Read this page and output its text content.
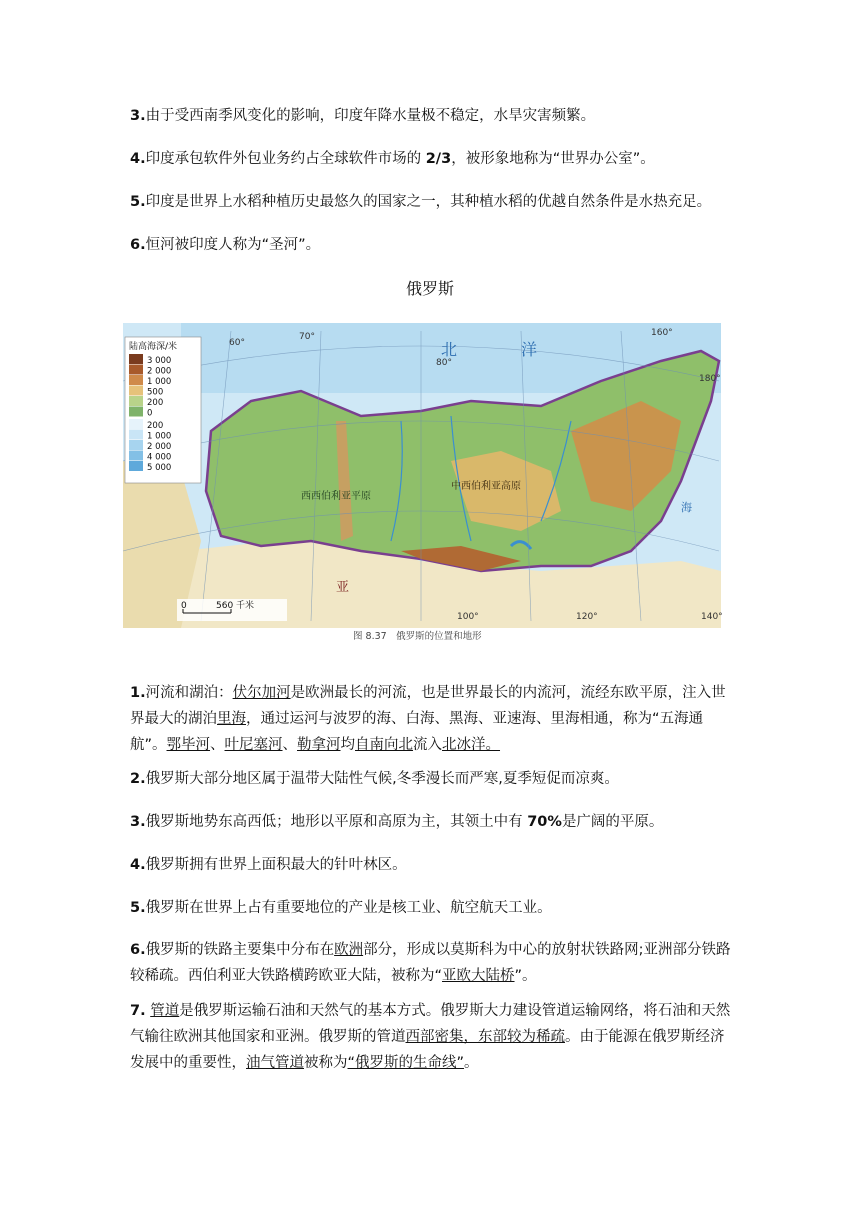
3.由于受西南季风变化的影响，印度年降水量极不稳定，水旱灾害频繁。

4.印度承包软件外包业务约占全球软件市场的 2/3，被形象地称为“世界办公室”。

5.印度是世界上水稻种植历史最悠久的国家之一，其种植水稻的优越自然条件是水热充足。

6.恒河被印度人称为“圣河”。

俄罗斯

60°
70°
80°
100°	120°	140°
160°
180°
北	洋
西西伯利亚平原
中西伯利亚高原
海
亚
陆高海深/米
3 000
2 000
1 000
500
200
0
200
1 000
2 000
4 000
5 000
0	560 千米
图 8.37　俄罗斯的位置和地形

1.河流和湖泊：伏尔加河是欧洲最长的河流，也是世界最长的内流河，流经东欧平原，注入世界最大的湖泊里海，通过运河与波罗的海、白海、黑海、亚速海、里海相通，称为“五海通航”。鄂毕河、叶尼塞河、勒拿河均自南向北流入北冰洋。

2.俄罗斯大部分地区属于温带大陆性气候,冬季漫长而严寒,夏季短促而凉爽。

3.俄罗斯地势东高西低；地形以平原和高原为主，其领土中有 70%是广阔的平原。

4.俄罗斯拥有世界上面积最大的针叶林区。

5.俄罗斯在世界上占有重要地位的产业是核工业、航空航天工业。

6.俄罗斯的铁路主要集中分布在欧洲部分，形成以莫斯科为中心的放射状铁路网;亚洲部分铁路较稀疏。西伯利亚大铁路横跨欧亚大陆，被称为“亚欧大陆桥”。

7. 管道是俄罗斯运输石油和天然气的基本方式。俄罗斯大力建设管道运输网络，将石油和天然气输往欧洲其他国家和亚洲。俄罗斯的管道西部密集，东部较为稀疏。由于能源在俄罗斯经济发展中的重要性，油气管道被称为“俄罗斯的生命线”。
